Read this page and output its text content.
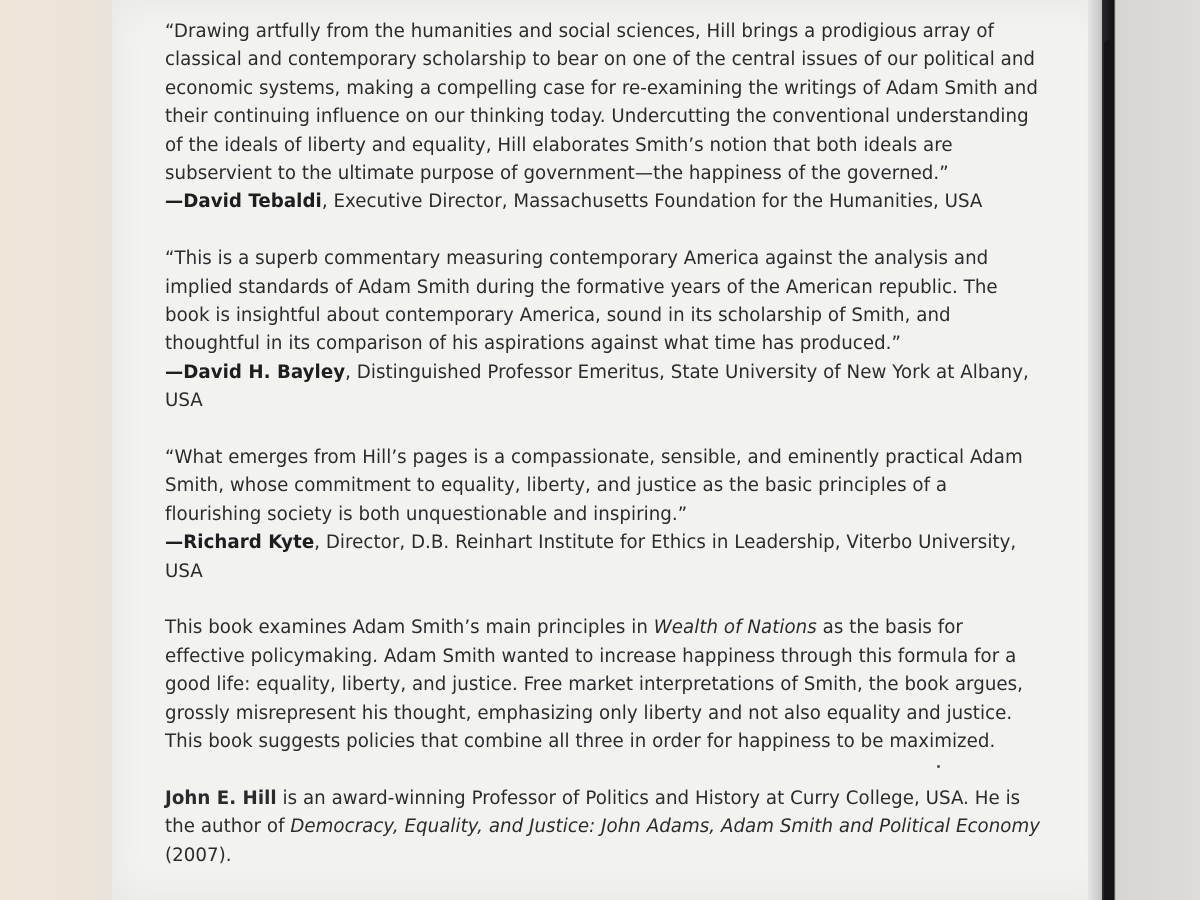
“Drawing artfully from the humanities and social sciences, Hill brings a prodigious array of classical and contemporary scholarship to bear on one of the central issues of our political and economic systems, making a compelling case for re-examining the writings of Adam Smith and their continuing influence on our thinking today. Undercutting the conventional understanding of the ideals of liberty and equality, Hill elaborates Smith’s notion that both ideals are subservient to the ultimate purpose of government—the happiness of the governed.”

—David Tebaldi, Executive Director, Massachusetts Foundation for the Humanities, USA

“This is a superb commentary measuring contemporary America against the analysis and implied standards of Adam Smith during the formative years of the American republic. The book is insightful about contemporary America, sound in its scholarship of Smith, and thoughtful in its comparison of his aspirations against what time has produced.”

—David H. Bayley, Distinguished Professor Emeritus, State University of New York at Albany, USA

“What emerges from Hill’s pages is a compassionate, sensible, and eminently practical Adam Smith, whose commitment to equality, liberty, and justice as the basic principles of a flourishing society is both unquestionable and inspiring.”

—Richard Kyte, Director, D.B. Reinhart Institute for Ethics in Leadership, Viterbo University, USA

This book examines Adam Smith’s main principles in Wealth of Nations as the basis for effective policymaking. Adam Smith wanted to increase happiness through this formula for a good life: equality, liberty, and justice. Free market interpretations of Smith, the book argues, grossly misrepresent his thought, emphasizing only liberty and not also equality and justice. This book suggests policies that combine all three in order for happiness to be maximized.

John E. Hill is an award-winning Professor of Politics and History at Curry College, USA. He is the author of Democracy, Equality, and Justice: John Adams, Adam Smith and Political Economy (2007).
